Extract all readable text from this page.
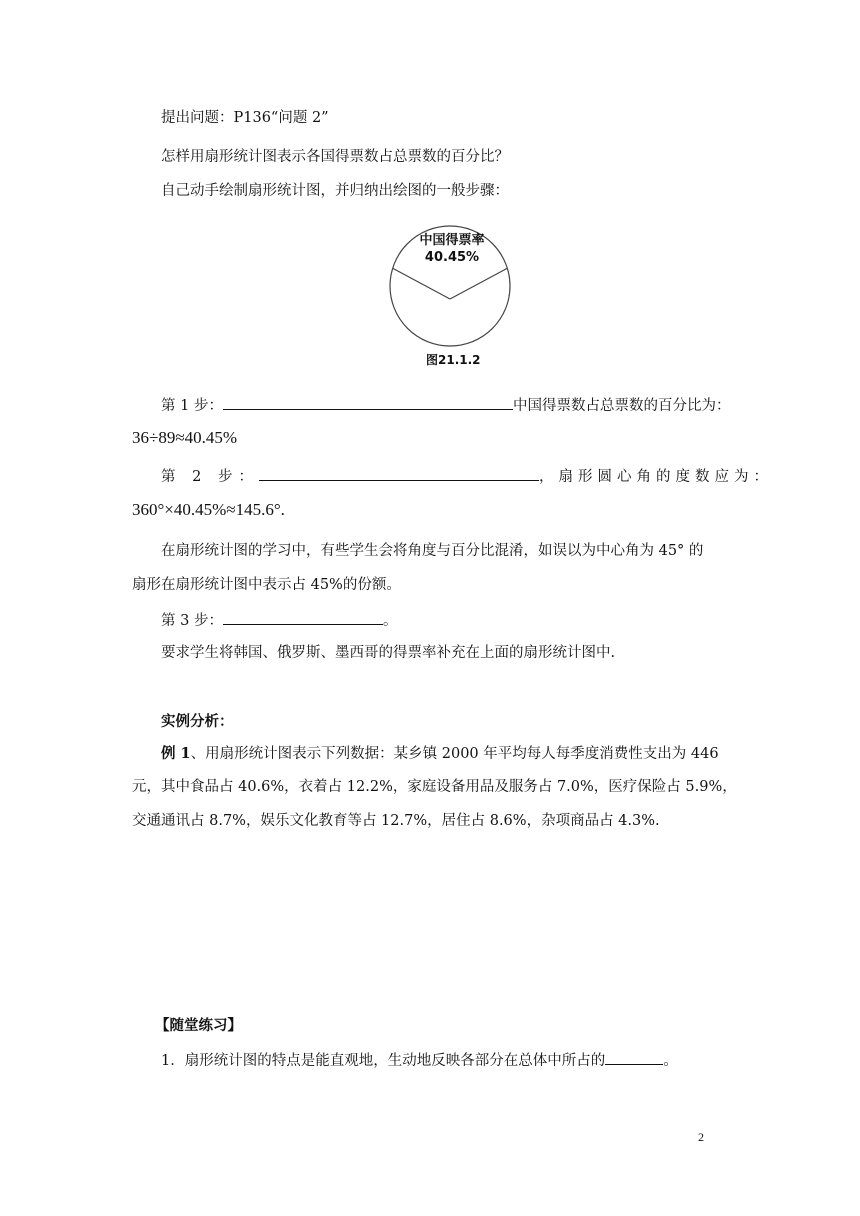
提出问题：P136“问题 2”
怎样用扇形统计图表示各国得票数占总票数的百分比？
自己动手绘制扇形统计图，并归纳出绘图的一般步骤：
中国得票率
40.45%
图21.1.2
第 1 步：	中国得票数占总票数的百分比为：
36÷89≈40.45%
第 2 步：	，扇形圆心角的度数应为：
360°×40.45%≈145.6°.
在扇形统计图的学习中，有些学生会将角度与百分比混淆，如误以为中心角为 45° 的
扇形在扇形统计图中表示占 45%的份额。
第 3 步：	。
要求学生将韩国、俄罗斯、墨西哥的得票率补充在上面的扇形统计图中.
实例分析：
例 1、用扇形统计图表示下列数据：某乡镇 2000 年平均每人每季度消费性支出为 446
元，其中食品占 40.6%，衣着占 12.2%，家庭设备用品及服务占 7.0%，医疗保险占 5.9%，
交通通讯占 8.7%，娱乐文化教育等占 12.7%，居住占 8.6%，杂项商品占 4.3%.
【随堂练习】
1．扇形统计图的特点是能直观地，生动地反映各部分在总体中所占的	。
2
